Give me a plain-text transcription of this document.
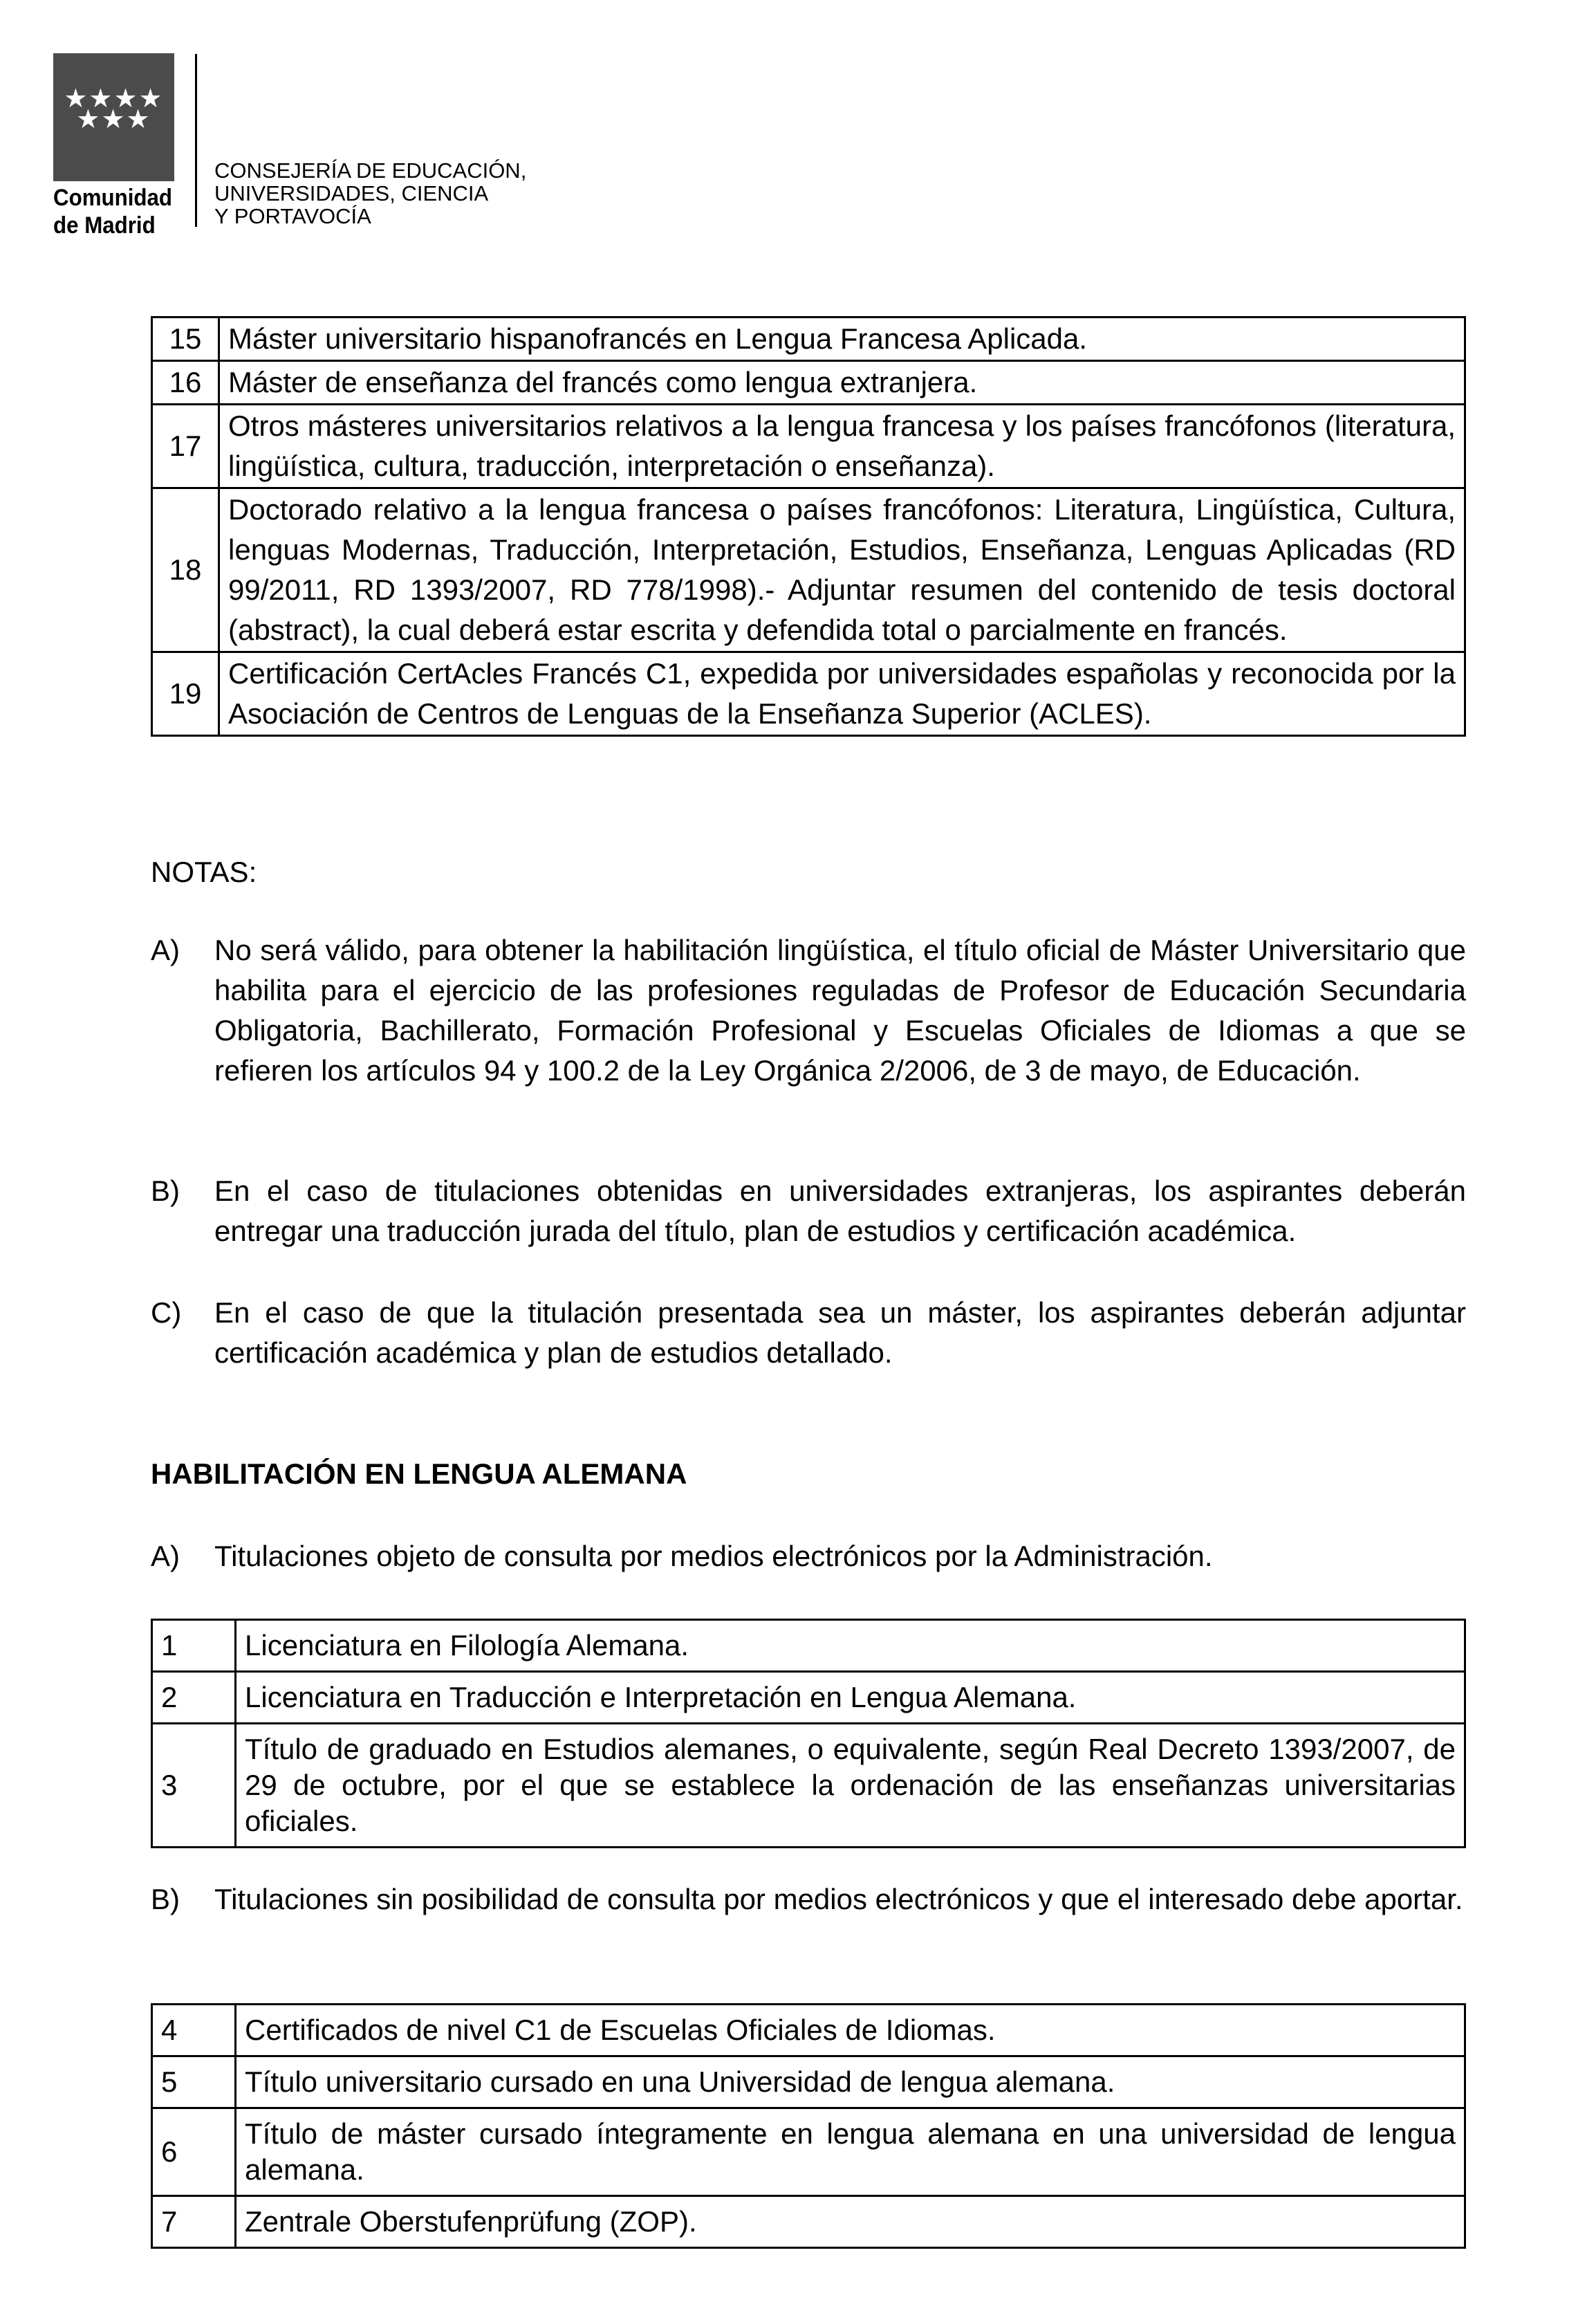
★★★★
★★★
Comunidad
de Madrid
CONSEJERÍA DE EDUCACIÓN,
UNIVERSIDADES, CIENCIA
Y PORTAVOCÍA
15	Máster universitario hispanofrancés en Lengua Francesa Aplicada.
16	Máster de enseñanza del francés como lengua extranjera.
17	Otros másteres universitarios relativos a la lengua francesa y los países francófonos (literatura, lingüística, cultura, traducción, interpretación o enseñanza).
18	Doctorado relativo a la lengua francesa o países francófonos: Literatura, Lingüística, Cultura, lenguas Modernas, Traducción, Interpretación, Estudios, Enseñanza, Lenguas Aplicadas (RD 99/2011, RD 1393/2007, RD 778/1998).- Adjuntar resumen del contenido de tesis doctoral (abstract), la cual deberá estar escrita y defendida total o parcialmente en francés.
19	Certificación CertAcles Francés C1, expedida por universidades españolas y reconocida por la Asociación de Centros de Lenguas de la Enseñanza Superior (ACLES).
NOTAS:
A) No será válido, para obtener la habilitación lingüística, el título oficial de Máster Universitario que habilita para el ejercicio de las profesiones reguladas de Profesor de Educación Secundaria Obligatoria, Bachillerato, Formación Profesional y Escuelas Oficiales de Idiomas a que se refieren los artículos 94 y 100.2 de la Ley Orgánica 2/2006, de 3 de mayo, de Educación.
B) En el caso de titulaciones obtenidas en universidades extranjeras, los aspirantes deberán entregar una traducción jurada del título, plan de estudios y certificación académica.
C) En el caso de que la titulación presentada sea un máster, los aspirantes deberán adjuntar certificación académica y plan de estudios detallado.
HABILITACIÓN EN LENGUA ALEMANA
A) Titulaciones objeto de consulta por medios electrónicos por la Administración.
1	Licenciatura en Filología Alemana.
2	Licenciatura en Traducción e Interpretación en Lengua Alemana.
3	Título de graduado en Estudios alemanes, o equivalente, según Real Decreto 1393/2007, de 29 de octubre, por el que se establece la ordenación de las enseñanzas universitarias oficiales.
B) Titulaciones sin posibilidad de consulta por medios electrónicos y que el interesado debe aportar.
4	Certificados de nivel C1 de Escuelas Oficiales de Idiomas.
5	Título universitario cursado en una Universidad de lengua alemana.
6	Título de máster cursado íntegramente en lengua alemana en una universidad de lengua alemana.
7	Zentrale Oberstufenprüfung (ZOP).
